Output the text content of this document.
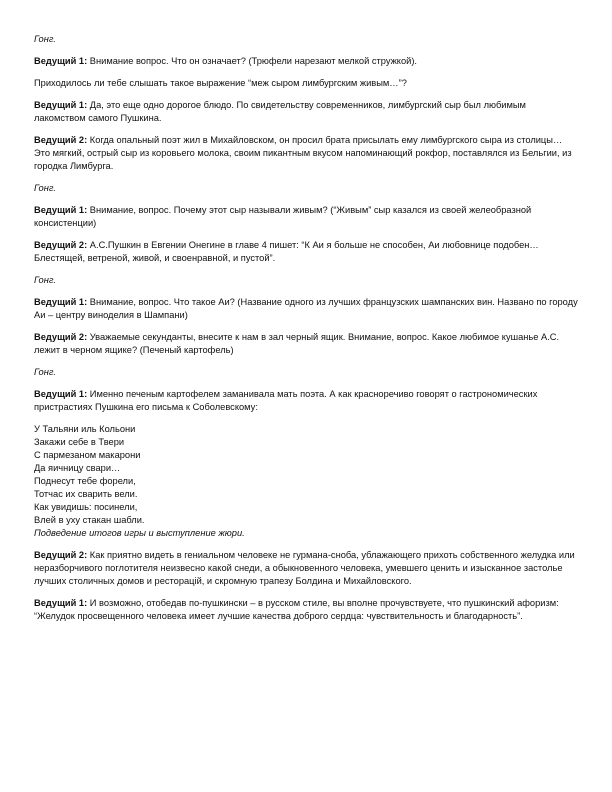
Гонг.

Ведущий 1: Внимание вопрос. Что он означает? (Трюфели нарезают мелкой стружкой).

Приходилось ли тебе слышать такое выражение “меж сыром лимбургским живым…”?

Ведущий 1: Да, это еще одно дорогое блюдо. По свидетельству современников, лимбургский сыр был любимым лакомством самого Пушкина.

Ведущий 2: Когда опальный поэт жил в Михайловском, он просил брата присылать ему лимбургского сыра из столицы…Это мягкий, острый сыр из коровьего молока, своим пикантным вкусом напоминающий рокфор, поставлялся из Бельгии, из городка Лимбурга.

Гонг.

Ведущий 1: Внимание, вопрос. Почему этот сыр называли живым? (“Живым” сыр казался из своей желеобразной консистенции)

Ведущий 2: А.С.Пушкин в Евгении Онегине в главе 4 пишет: “К Аи я больше не способен, Аи любовнице подобен… Блестящей, ветреной, живой, и своенравной, и пустой”.

Гонг.

Ведущий 1: Внимание, вопрос. Что такое Аи? (Название одного из лучших французских шампанских вин. Названо по городу Аи – центру виноделия в Шампани)

Ведущий 2: Уважаемые секунданты, внесите к нам в зал черный ящик. Внимание, вопрос. Какое любимое кушанье А.С. лежит в черном ящике? (Печеный картофель)

Гонг.

Ведущий 1: Именно печеным картофелем заманивала мать поэта. А как красноречиво говорят о гастрономических пристрастиях Пушкина его письма к Соболевскому:

У Тальяни иль Кольони
Закажи себе в Твери
С пармезаном макарони
Да яичницу свари…
Поднесут тебе форели,
Тотчас их сварить вели.
Как увидишь: посинели,
Влей в уху стакан шабли.
Подведение итогов игры и выступление жюри.

Ведущий 2: Как приятно видеть в гениальном человеке не гурмана-сноба, ублажающего прихоть собственного желудка или неразборчивого поглотителя неизвесно какой снеди, а обыкновенного человека, умевшего ценить и изысканное застолье лучших столичных домов и ресторацій, и скромную трапезу Болдина и Михайловского.

Ведущий 1: И возможно, отобедав по-пушкински – в русском стиле, вы вполне прочувствуете, что пушкинский афоризм: “Желудок просвещенного человека имеет лучшие качества доброго сердца: чувствительность и благодарность”.
